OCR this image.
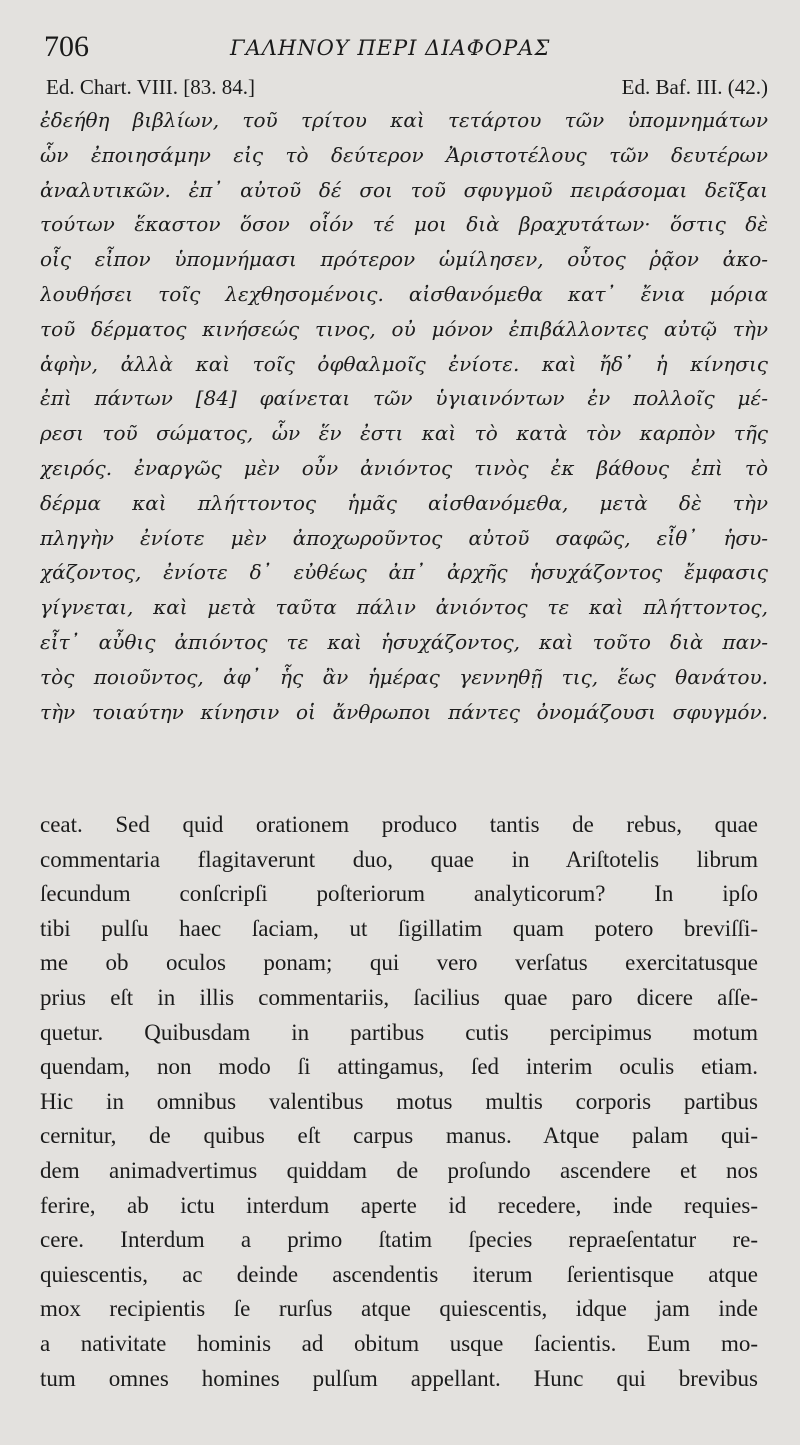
706	ΓΑΛΗΝΟΥ ΠΕΡΙ ΔΙΑΦΟΡΑΣ
Ed. Chart. VIII. [83. 84.]	Ed. Baf. III. (42.)
ἐδεήθη βιβλίων, τοῦ τρίτου καὶ τετάρτου τῶν ὑπομνημάτων
ὧν ἐποιησάμην εἰς τὸ δεύτερον Ἀριστοτέλους τῶν δευτέρων
ἀναλυτικῶν. ἐπ᾿ αὐτοῦ δέ σοι τοῦ σφυγμοῦ πειράσομαι δεῖξαι
τούτων ἕκαστον ὅσον οἷόν τέ μοι διὰ βραχυτάτων· ὅστις δὲ
οἷς εἶπον ὑπομνήμασι πρότερον ὡμίλησεν, οὗτος ῥᾷον ἀκο-
λουθήσει τοῖς λεχθησομένοις. αἰσθανόμεθα κατ᾿ ἔνια μόρια
τοῦ δέρματος κινήσεώς τινος, οὐ μόνον ἐπιβάλλοντες αὐτῷ τὴν
ἁφὴν, ἀλλὰ καὶ τοῖς ὀφθαλμοῖς ἐνίοτε. καὶ ἤδ᾿ ἡ κίνησις
ἐπὶ πάντων [84] φαίνεται τῶν ὑγιαινόντων ἐν πολλοῖς μέ-
ρεσι τοῦ σώματος, ὧν ἕν ἐστι καὶ τὸ κατὰ τὸν καρπὸν τῆς
χειρός. ἐναργῶς μὲν οὖν ἀνιόντος τινὸς ἐκ βάθους ἐπὶ τὸ
δέρμα καὶ πλήττοντος ἡμᾶς αἰσθανόμεθα, μετὰ δὲ τὴν
πληγὴν ἐνίοτε μὲν ἀποχωροῦντος αὐτοῦ σαφῶς, εἶθ᾿ ἡσυ-
χάζοντος, ἐνίοτε δ᾿ εὐθέως ἀπ᾿ ἀρχῆς ἡσυχάζοντος ἔμφασις
γίγνεται, καὶ μετὰ ταῦτα πάλιν ἀνιόντος τε καὶ πλήττοντος,
εἶτ᾿ αὖθις ἀπιόντος τε καὶ ἡσυχάζοντος, καὶ τοῦτο διὰ παν-
τὸς ποιοῦντος, ἀφ᾿ ἧς ἂν ἡμέρας γεννηθῇ τις, ἕως θανάτου.
τὴν τοιαύτην κίνησιν οἱ ἄνθρωποι πάντες ὀνομάζουσι σφυγμόν.
ceat. Sed quid orationem produco tantis de rebus, quae
commentaria flagitaverunt duo, quae in Ariſtotelis librum
ſecundum conſcripſi poſteriorum analyticorum? In ipſo
tibi pulſu haec ſaciam, ut ſigillatim quam potero breviſſi-
me ob oculos ponam; qui vero verſatus exercitatusque
prius eſt in illis commentariis, ſacilius quae paro dicere aſſe-
quetur. Quibusdam in partibus cutis percipimus motum
quendam, non modo ſi attingamus, ſed interim oculis etiam.
Hic in omnibus valentibus motus multis corporis partibus
cernitur, de quibus eſt carpus manus. Atque palam qui-
dem animadvertimus quiddam de proſundo ascendere et nos
ferire, ab ictu interdum aperte id recedere, inde requies-
cere. Interdum a primo ſtatim ſpecies repraeſentatur re-
quiescentis, ac deinde ascendentis iterum ſerientisque atque
mox recipientis ſe rurſus atque quiescentis, idque jam inde
a nativitate hominis ad obitum usque ſacientis. Eum mo-
tum omnes homines pulſum appellant. Hunc qui brevibus
